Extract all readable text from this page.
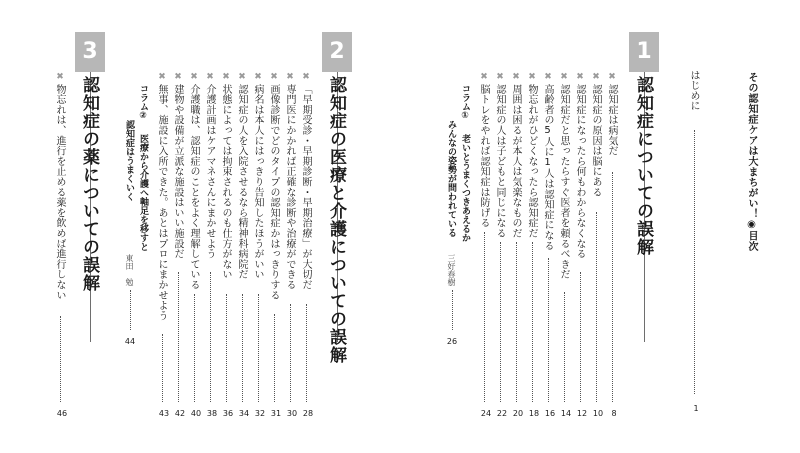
その認知症ケアは大まちがい！◉目次
はじめに
1
1
認知症についての誤解
2
認知症の医療と介護についての誤解
3
認知症の薬についての誤解	✖
認知症は病気だ
8
✖
認知症の原因は脳にある
10
✖
認知症になったら何もわからなくなる
12
✖
認知症だと思ったらすぐ医者を頼るべきだ
14
✖
高齢者の5人に1人は認知症になる
16
✖
物忘れがひどくなったら認知症だ
18
✖
周囲は困るが本人は気楽なものだ
20
✖
認知症の人は子どもと同じになる
22
✖
脳トレをやれば認知症は防げる
24
コラム①
老いとうまくつきあえるか
みんなの姿勢が問われている
三好春樹
26
✖
「早期受診・早期診断・早期治療」が大切だ
28
✖
専門医にかかれば正確な診断や治療ができる
30
✖
画像診断でどのタイプの認知症かはっきりする
31
✖
病名は本人にはっきり告知したほうがいい
32
✖
認知症の人を入院させるなら精神科病院だ
34
✖
状態によっては拘束されるのも仕方がない
36
✖
介護計画はケアマネさんにまかせよう
38
✖
介護職は、認知症のことをよく理解している
40
✖
建物や設備が立派な施設はいい施設だ
42
✖
無事、施設に入所できた。あとはプロにまかせよう
43
コラム②
医療から介護へ軸足を移すと
認知症はうまくいく
東田　勉
44
✖
物忘れは、進行を止める薬を飲めば進行しない
46
